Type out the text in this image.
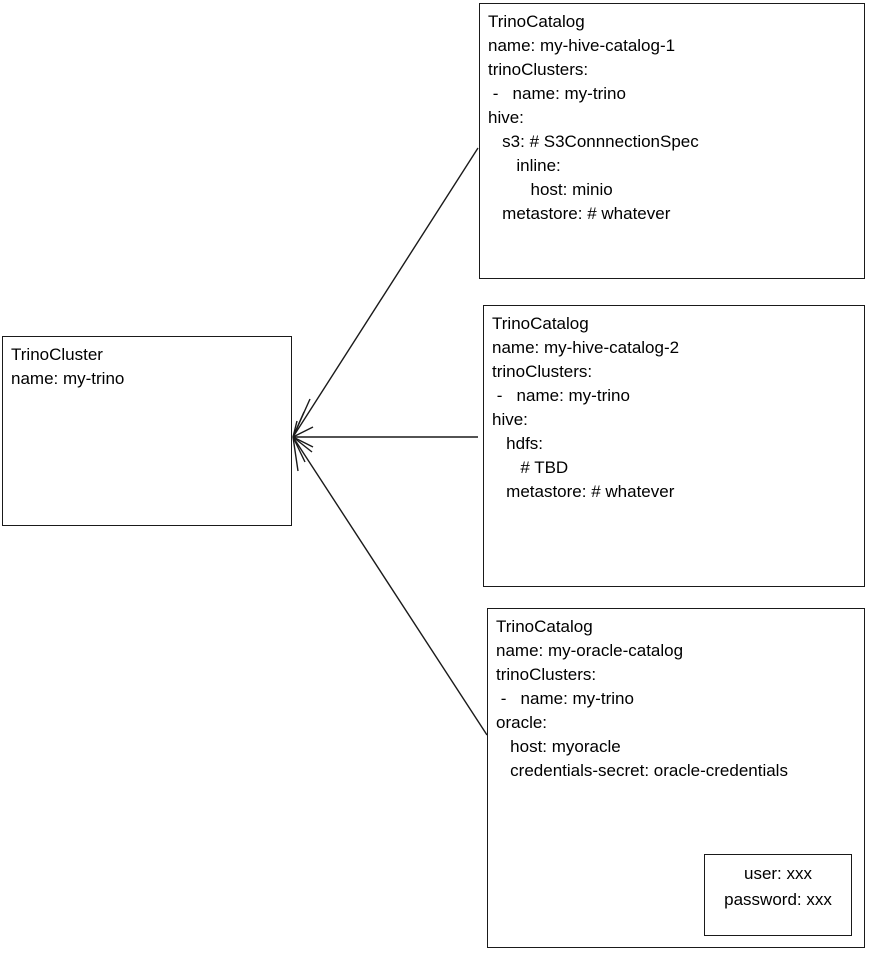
TrinoCluster
name: my-trino
TrinoCatalog
name: my-hive-catalog-1
trinoClusters:
-   name: my-trino
hive:
s3: # S3ConnnectionSpec
inline:
host: minio
metastore: # whatever
TrinoCatalog
name: my-hive-catalog-2
trinoClusters:
-   name: my-trino
hive:
hdfs:
# TBD
metastore: # whatever
TrinoCatalog
name: my-oracle-catalog
trinoClusters:
-   name: my-trino
oracle:
host: myoracle
credentials-secret: oracle-credentials
user: xxx
password: xxx
